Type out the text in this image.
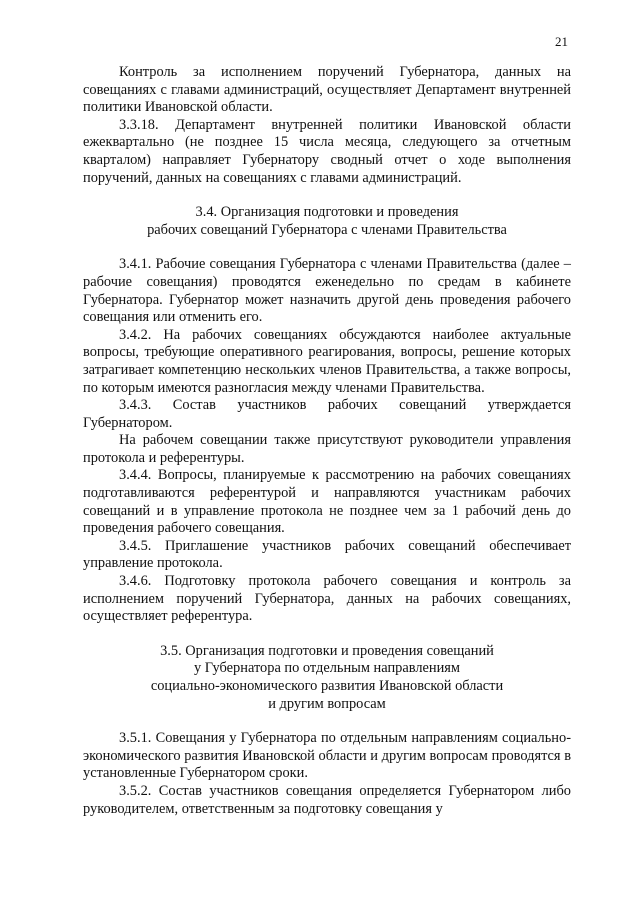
21

Контроль за исполнением поручений Губернатора, данных на совещаниях с главами администраций, осуществляет Департамент внутренней политики Ивановской области.

3.3.18. Департамент внутренней политики Ивановской области ежеквартально (не позднее 15 числа месяца, следующего за отчетным кварталом) направляет Губернатору сводный отчет о ходе выполнения поручений, данных на совещаниях с главами администраций.

3.4. Организация подготовки и проведения
рабочих совещаний Губернатора с членами Правительства

3.4.1. Рабочие совещания Губернатора с членами Правительства (далее – рабочие совещания) проводятся еженедельно по средам в кабинете Губернатора. Губернатор может назначить другой день проведения рабочего совещания или отменить его.

3.4.2. На рабочих совещаниях обсуждаются наиболее актуальные вопросы, требующие оперативного реагирования, вопросы, решение которых затрагивает компетенцию нескольких членов Правительства, а также вопросы, по которым имеются разногласия между членами Правительства.

3.4.3. Состав участников рабочих совещаний утверждается Губернатором.

На рабочем совещании также присутствуют руководители управления протокола и референтуры.

3.4.4. Вопросы, планируемые к рассмотрению на рабочих совещаниях подготавливаются референтурой и направляются участникам рабочих совещаний и в управление протокола не позднее чем за 1 рабочий день до проведения рабочего совещания.

3.4.5. Приглашение участников рабочих совещаний обеспечивает управление протокола.

3.4.6. Подготовку протокола рабочего совещания и контроль за исполнением поручений Губернатора, данных на рабочих совещаниях, осуществляет референтура.

3.5. Организация подготовки и проведения совещаний
у Губернатора по отдельным направлениям
социально-экономического развития Ивановской области
и другим вопросам

3.5.1. Совещания у Губернатора по отдельным направлениям социально-экономического развития Ивановской области и другим вопросам проводятся в установленные Губернатором сроки.

3.5.2. Состав участников совещания определяется Губернатором либо руководителем, ответственным за подготовку совещания у
